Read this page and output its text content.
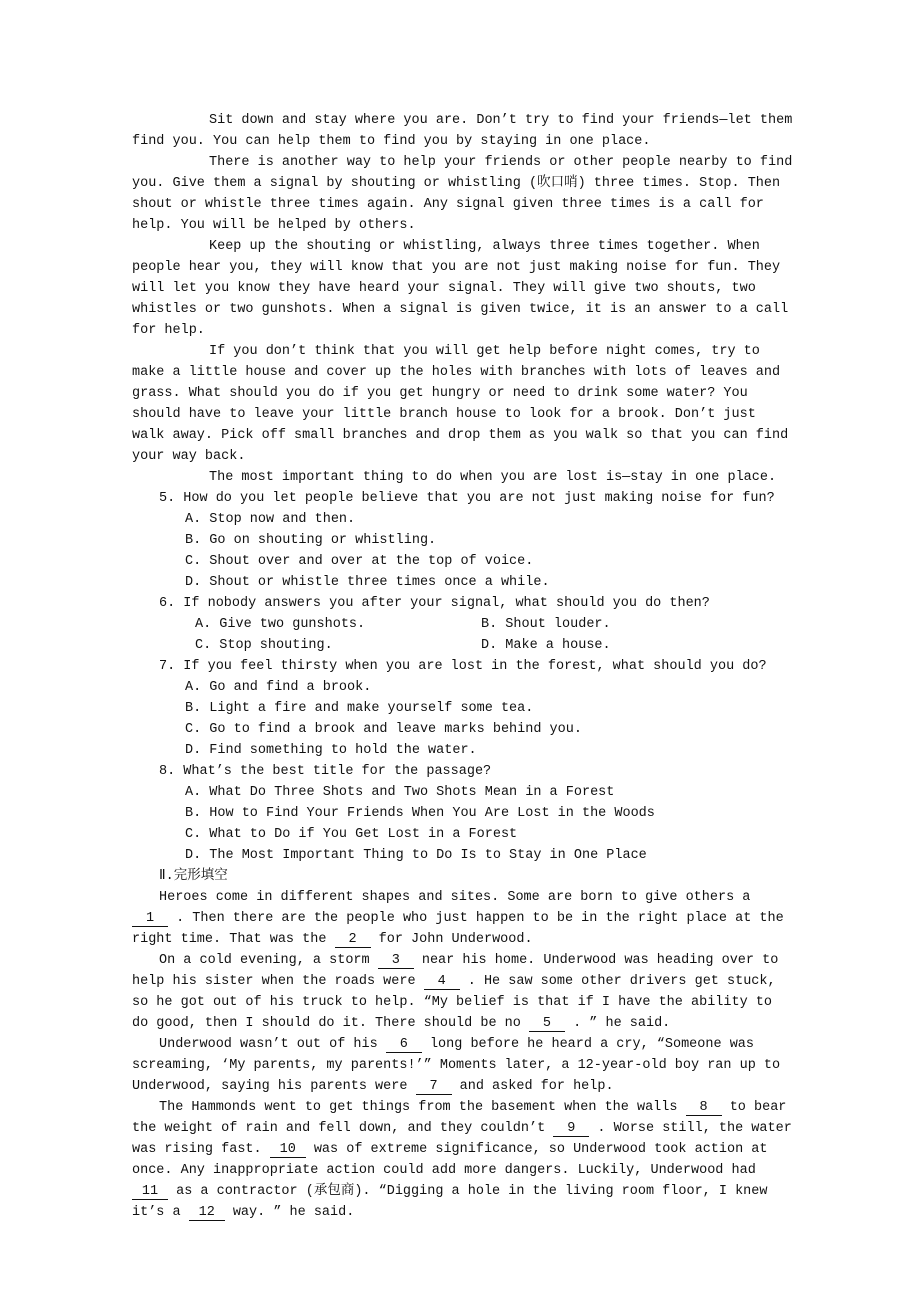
Sit down and stay where you are. Don’t try to find your friends—let them find you. You can help them to find you by staying in one place.

There is another way to help your friends or other people nearby to find you. Give them a signal by shouting or whistling (吹口哨) three times. Stop. Then shout or whistle three times again. Any signal given three times is a call for help. You will be helped by others.

Keep up the shouting or whistling, always three times together. When people hear you, they will know that you are not just making noise for fun. They will let you know they have heard your signal. They will give two shouts, two whistles or two gunshots. When a signal is given twice, it is an answer to a call for help.

If you don’t think that you will get help before night comes, try to make a little house and cover up the holes with branches with lots of leaves and grass. What should you do if you get hungry or need to drink some water? You should have to leave your little branch house to look for a brook. Don’t just walk away. Pick off small branches and drop them as you walk so that you can find your way back.

The most important thing to do when you are lost is—stay in one place.

5. How do you let people believe that you are not just making noise for fun?
A. Stop now and then.
B. Go on shouting or whistling.
C. Shout over and over at the top of voice.
D. Shout or whistle three times once a while.
6. If nobody answers you after your signal, what should you do then?
A. Give two gunshots.	B. Shout louder.
C. Stop shouting.	D. Make a house.
7. If you feel thirsty when you are lost in the forest, what should you do?
A. Go and find a brook.
B. Light a fire and make yourself some tea.
C. Go to find a brook and leave marks behind you.
D. Find something to hold the water.
8. What’s the best title for the passage?
A. What Do Three Shots and Two Shots Mean in a Forest
B. How to Find Your Friends When You Are Lost in the Woods
C. What to Do if You Get Lost in a Forest
D. The Most Important Thing to Do Is to Stay in One Place
Ⅱ.完形填空

Heroes come in different shapes and sites. Some are born to give others a 1 . Then there are the people who just happen to be in the right place at the right time. That was the 2 for John Underwood.

On a cold evening, a storm 3 near his home. Underwood was heading over to help his sister when the roads were 4 . He saw some other drivers get stuck, so he got out of his truck to help. “My belief is that if I have the ability to do good, then I should do it. There should be no 5 . ” he said.

Underwood wasn’t out of his 6 long before he heard a cry, “Someone was screaming, ‘My parents, my parents!’” Moments later, a 12-year-old boy ran up to Underwood, saying his parents were 7 and asked for help.

The Hammonds went to get things from the basement when the walls 8 to bear the weight of rain and fell down, and they couldn’t 9 . Worse still, the water was rising fast. 10 was of extreme significance, so Underwood took action at once. Any inappropriate action could add more dangers. Luckily, Underwood had 11 as a contractor (承包商). “Digging a hole in the living room floor, I knew it’s a 12 way. ” he said.
